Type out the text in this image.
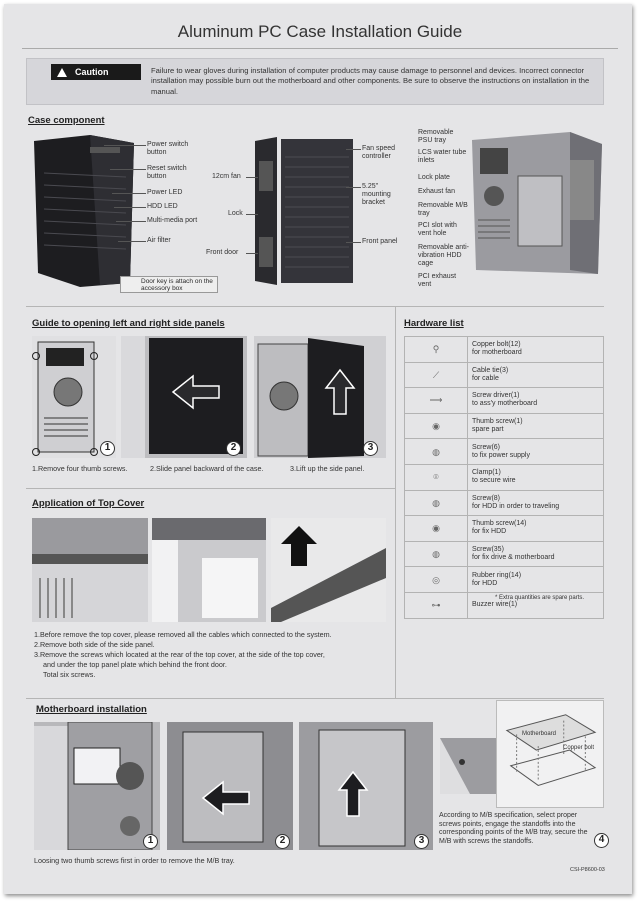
Aluminum PC Case Installation Guide
Caution	Failure to wear gloves during installation of computer products may cause damage to personnel and devices. Incorrect connector installation may possible burn out the motherboard and other components. Be sure to observe the instructions on installation in the manual.
Case component
Power switch button
Reset switch button
Power LED
HDD LED
Multi-media port
Air filter
Door key is attach on the accessory box
12cm fan
Lock
Front door
Fan speed controller
5.25" mounting bracket
Front panel
Removable PSU tray
LCS water tube inlets
Lock plate
Exhaust fan
Removable M/B tray
PCI slot with vent hole
Removable anti-vibration HDD cage
PCI exhaust vent
Guide to opening left and right side panels
1	2	3
1.Remove four thumb screws.	2.Slide panel backward of the case.	3.Lift up the side panel.
Application of Top Cover
1.Before remove the top cover, please removed all the cables which connected to the system.
2.Remove both side of the side panel.
3.Remove the screws which located at the rear of the top cover, at the side of the top cover,
and under the top panel plate which behind the front door.
Total six screws.
Hardware list
⚲	Copper bolt(12)
for motherboard

⟋	Cable tie(3)
for cable

⟶	Screw driver(1)
to ass'y motherboard

◉	Thumb screw(1)
spare part

◍	Screw(6)
to fix power supply

⌾	Clamp(1)
to secure wire

◍	Screw(8)
for HDD in order to traveling

◉	Thumb screw(14)
for fix HDD

◍	Screw(35)
for fix drive & motherboard

◎	Rubber ring(14)
for HDD

⊶	Buzzer wire(1)
* Extra quantities are spare parts.
Motherboard installation
1	2	3
Motherboard
Copper bolt
According to M/B specification, select proper screws points, engage the standoffs into the corresponding points of the M/B tray, secure the M/B with screws the standoffs.	4
Loosing two thumb screws first in order to remove the M/B tray.
CSI-P8600-03
